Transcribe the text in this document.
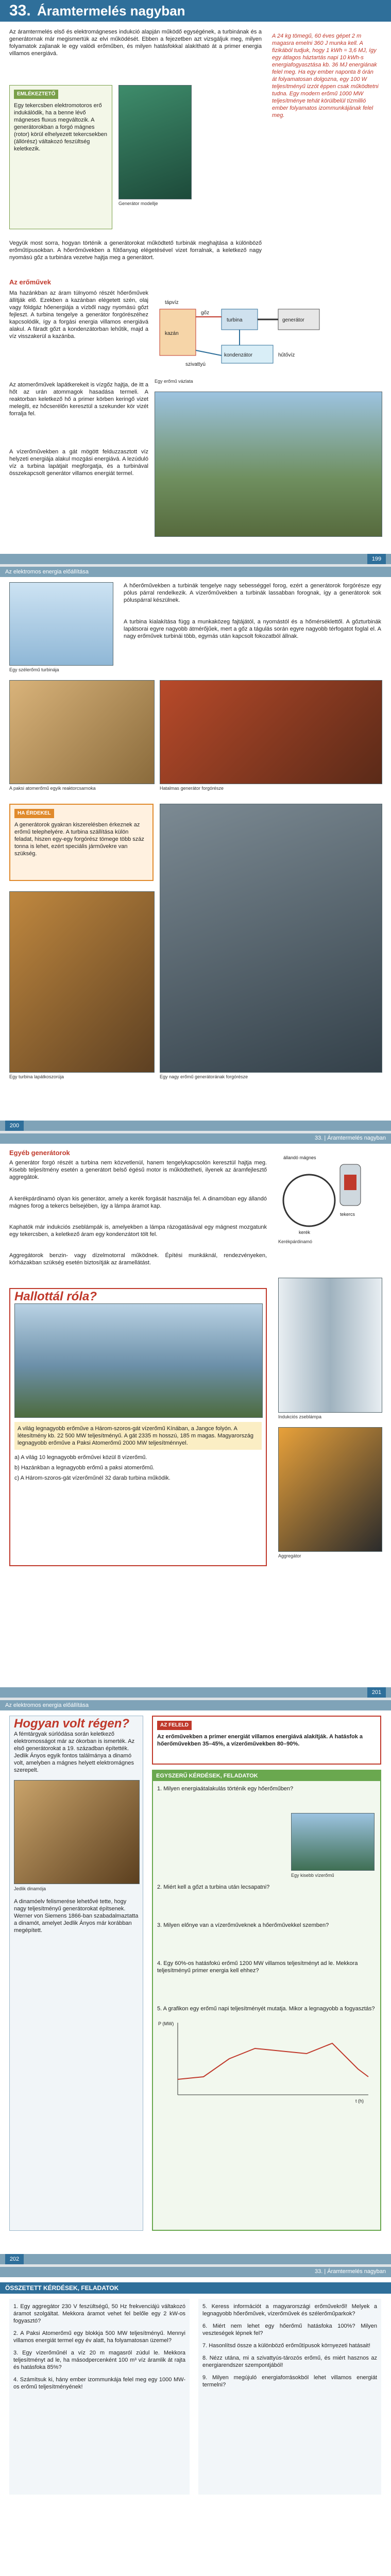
33. Áramtermelés nagyban
Az áramtermelés első és elektromágneses indukció alapján működő egységének, a turbinának és a generátornak már megismertük az elvi működését. Ebben a fejezetben azt vizsgáljuk meg, milyen folyamatok zajlanak le egy valódi erőműben, és milyen hatásfokkal alakítható át a primer energia villamos energiává.
EMLÉKEZTETŐ
Egy tekercsben elektromotoros erő indukálódik, ha a benne lévő mágneses fluxus megváltozik. A generátorokban a forgó mágnes (rotor) körül elhelyezett tekercsekben (állórész) váltakozó feszültség keletkezik.
Generátor modellje
A 24 kg tömegű, 60 éves gépet 2 m magasra emelni 360 J munka kell. A fizikából tudjuk, hogy 1 kWh = 3,6 MJ, így egy átlagos háztartás napi 10 kWh-s energiafogyasztása kb. 36 MJ energiának felel meg. Ha egy ember naponta 8 órán át folyamatosan dolgozna, egy 100 W teljesítményű izzót éppen csak működtetni tudna. Egy modern erőmű 1000 MW teljesítménye tehát körülbelül tízmillió ember folyamatos izommunkájának felel meg.
Vegyük most sorra, hogyan történik a generátorokat működtető turbinák meghajtása a különböző erőműtípusokban. A hőerőművekben a fűtőanyag elégetésével vizet forralnak, a keletkező nagy nyomású gőz a turbinára vezetve hajtja meg a generátort.
Az erőművek
Ma hazánkban az áram túlnyomó részét hőerőművek állítják elő. Ezekben a kazánban elégetett szén, olaj vagy földgáz hőenergiája a vízből nagy nyomású gőzt fejleszt. A turbina tengelye a generátor forgórészéhez kapcsolódik, így a forgási energia villamos energiává alakul. A fáradt gőzt a kondenzátorban lehűtik, majd a víz visszakerül a kazánba.
Az atomerőművek lapátkerekeit is vízgőz hajtja, de itt a hőt az urán atommagok hasadása termeli. A reaktorban keletkező hő a primer körben keringő vizet melegíti, ez hőcserélőn keresztül a szekunder kör vizét forralja fel.
A vízerőművekben a gát mögött felduzzasztott víz helyzeti energiája alakul mozgási energiává. A lezúduló víz a turbina lapátjait megforgatja, és a turbinával összekapcsolt generátor villamos energiát termel.
kazán
gőz
turbina	generátor
kondenzátor	hűtővíz
szivattyú
tápvíz
Egy erőmű vázlata
199
Az elektromos energia előállítása
Egy szélerőmű turbinája
A hőerőművekben a turbinák tengelye nagy sebességgel forog, ezért a generátorok forgórésze egy pólus párral rendelkezik. A vízerőművekben a turbinák lassabban forognak, így a generátorok sok póluspárral készülnek.
A turbina kialakítása függ a munkaközeg fajtájától, a nyomástól és a hőmérséklettől. A gőzturbinák lapátsorai egyre nagyobb átmérőjűek, mert a gőz a tágulás során egyre nagyobb térfogatot foglal el. A nagy erőművek turbinái több, egymás után kapcsolt fokozatból állnak.
A paksi atomerőmű egyik reaktorcsarnoka	Hatalmas generátor forgórésze
HA ÉRDEKEL
A generátorok gyakran kiszerelésben érkeznek az erőmű telephelyére. A turbina szállítása külön feladat, hiszen egy-egy forgórész tömege több száz tonna is lehet, ezért speciális járművekre van szükség.
Egy nagy erőmű generátorának forgórésze
Egy turbina lapátkoszorúja
200
33. | Áramtermelés nagyban
Egyéb generátorok
A generátor forgó részét a turbina nem közvetlenül, hanem tengelykapcsolón keresztül hajtja meg. Kisebb teljesítmény esetén a generátort belső égésű motor is működtetheti, ilyenek az áramfejlesztő aggregátok.
A kerékpárdinamó olyan kis generátor, amely a kerék forgását használja fel. A dinamóban egy állandó mágnes forog a tekercs belsejében, így a lámpa áramot kap.
Kaphatók már indukciós zseblámpák is, amelyekben a lámpa rázogatásával egy mágnest mozgatunk egy tekercsben, a keletkező áram egy kondenzátort tölt fel.
Aggregátorok benzin- vagy dízelmotorral működnek. Építési munkáknál, rendezvényeken, kórházakban szükség esetén biztosítják az áramellátást.
állandó mágnes
tekercs
kerék
Kerékpárdinamó
Hallottál róla?
A világ legnagyobb erőműve a Három-szoros-gát vízerőmű Kínában, a Jangce folyón. A létesítmény kb. 22 500 MW teljesítményű. A gát 2335 m hosszú, 185 m magas. Magyarország legnagyobb erőműve a Paksi Atomerőmű 2000 MW teljesítménnyel.
a) A világ 10 legnagyobb erőművei közül 8 vízerőmű.
b) Hazánkban a legnagyobb erőmű a paksi atomerőmű.
c) A Három-szoros-gát vízerőműnél 32 darab turbina működik.
Indukciós zseblámpa
Aggregátor
201
Az elektromos energia előállítása
Hogyan volt régen?
A fémtárgyak súrlódása során keletkező elektromosságot már az ókorban is ismerték. Az első generátorokat a 19. században építették. Jedlik Ányos egyik fontos találmánya a dinamó volt, amelyben a mágnes helyett elektromágnes szerepelt.
Jedlik dinamója
A dinamóelv felismerése lehetővé tette, hogy nagy teljesítményű generátorokat építsenek. Werner von Siemens 1866-ban szabadalmaztatta a dinamót, amelyet Jedlik Ányos már korábban megépített.
AZ FELELD
Az erőművekben a primer energiát villamos energiává alakítják. A hatásfok a hőerőművekben 35–45%, a vízerőművekben 80–90%.
EGYSZERŰ KÉRDÉSEK, FELADATOK
1. Milyen energiaátalakulás történik egy hőerőműben?
Egy kisebb vízerőmű
2. Miért kell a gőzt a turbina után lecsapatni?
3. Milyen előnye van a vízerőműveknek a hőerőművekkel szemben?
4. Egy 60%-os hatásfokú erőmű 1200 MW villamos teljesítményt ad le. Mekkora teljesítményű primer energia kell ehhez?
5. A grafikon egy erőmű napi teljesítményét mutatja. Mikor a legnagyobb a fogyasztás?
P (MW)
t (h)
202
33. | Áramtermelés nagyban
ÖSSZETETT KÉRDÉSEK, FELADATOK
1. Egy aggregátor 230 V feszültségű, 50 Hz frekvenciájú váltakozó áramot szolgáltat. Mekkora áramot vehet fel belőle egy 2 kW-os fogyasztó?
2. A Paksi Atomerőmű egy blokkja 500 MW teljesítményű. Mennyi villamos energiát termel egy év alatt, ha folyamatosan üzemel?
3. Egy vízerőműnél a víz 20 m magasról zúdul le. Mekkora teljesítményt ad le, ha másodpercenként 100 m³ víz áramlik át rajta és hatásfoka 85%?
4. Számítsuk ki, hány ember izommunkája felel meg egy 1000 MW-os erőmű teljesítményének!
5. Keress információt a magyarországi erőművekről! Melyek a legnagyobb hőerőművek, vízerőművek és szélerőműparkok?
6. Miért nem lehet egy hőerőmű hatásfoka 100%? Milyen veszteségek lépnek fel?
7. Hasonlítsd össze a különböző erőműtípusok környezeti hatásait!
8. Nézz utána, mi a szivattyús-tározós erőmű, és miért hasznos az energiarendszer szempontjából!
9. Milyen megújuló energiaforrásokból lehet villamos energiát termelni?
